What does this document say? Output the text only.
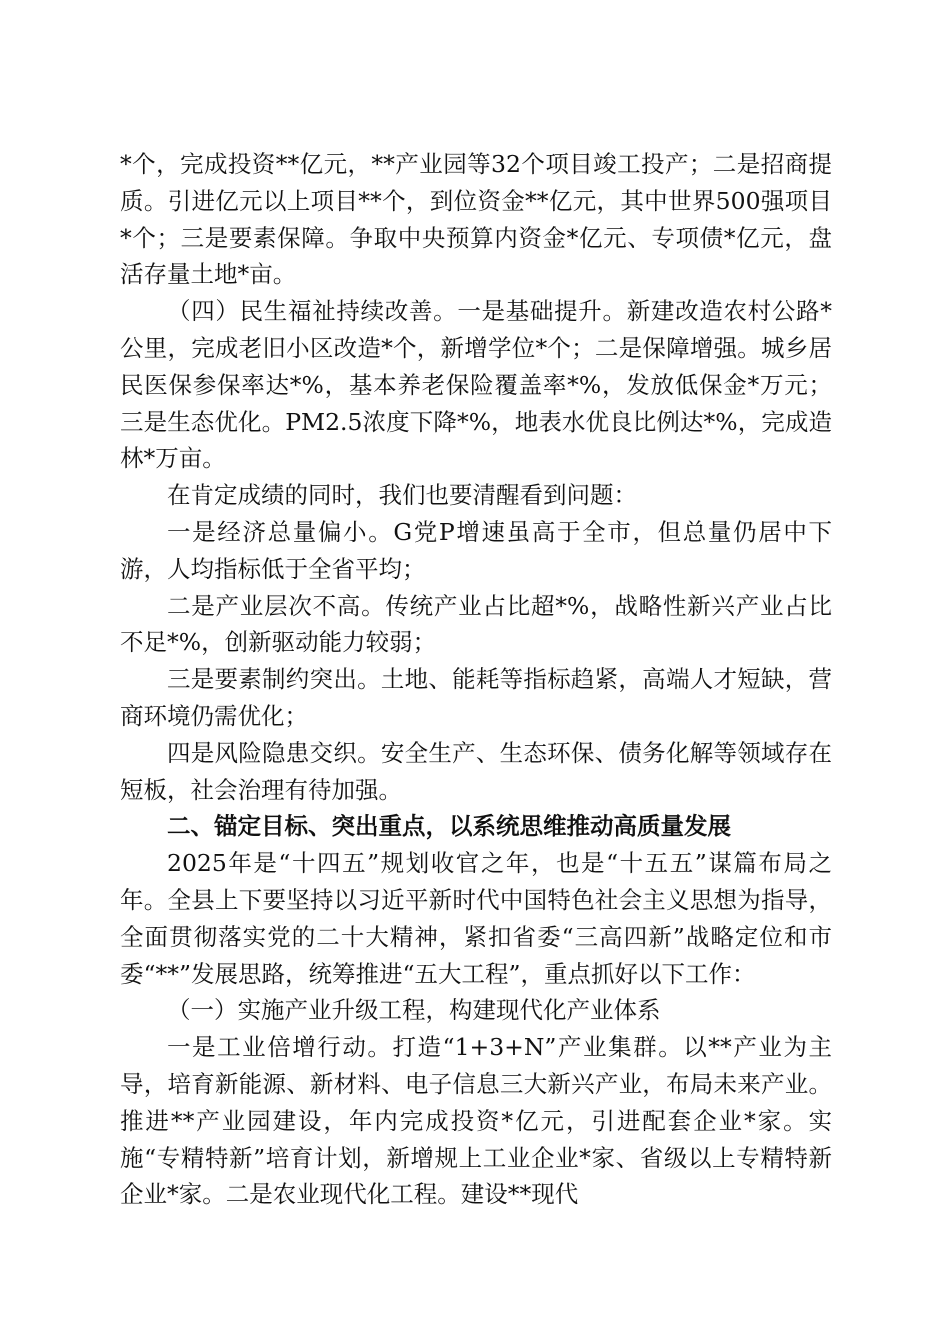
*个，完成投资**亿元，**产业园等32个项目竣工投产；二是招商提质。引进亿元以上项目**个，到位资金**亿元，其中世界500强项目*个；三是要素保障。争取中央预算内资金*亿元、专项债*亿元，盘活存量土地*亩。

（四）民生福祉持续改善。一是基础提升。新建改造农村公路*公里，完成老旧小区改造*个，新增学位*个；二是保障增强。城乡居民医保参保率达*%，基本养老保险覆盖率*%，发放低保金*万元；三是生态优化。PM2.5浓度下降*%，地表水优良比例达*%，完成造林*万亩。

在肯定成绩的同时，我们也要清醒看到问题：

一是经济总量偏小。G党P增速虽高于全市，但总量仍居中下游，人均指标低于全省平均；

二是产业层次不高。传统产业占比超*%，战略性新兴产业占比不足*%，创新驱动能力较弱；

三是要素制约突出。土地、能耗等指标趋紧，高端人才短缺，营商环境仍需优化；

四是风险隐患交织。安全生产、生态环保、债务化解等领域存在短板，社会治理有待加强。

二、锚定目标、突出重点，以系统思维推动高质量发展

2025年是“十四五”规划收官之年，也是“十五五”谋篇布局之年。全县上下要坚持以习近平新时代中国特色社会主义思想为指导，全面贯彻落实党的二十大精神，紧扣省委“三高四新”战略定位和市委“**”发展思路，统筹推进“五大工程”，重点抓好以下工作：

（一）实施产业升级工程，构建现代化产业体系

一是工业倍增行动。打造“1+3+N”产业集群。以**产业为主导，培育新能源、新材料、电子信息三大新兴产业，布局未来产业。推进**产业园建设，年内完成投资*亿元，引进配套企业*家。实施“专精特新”培育计划，新增规上工业企业*家、省级以上专精特新企业*家。二是农业现代化工程。建设**现代
